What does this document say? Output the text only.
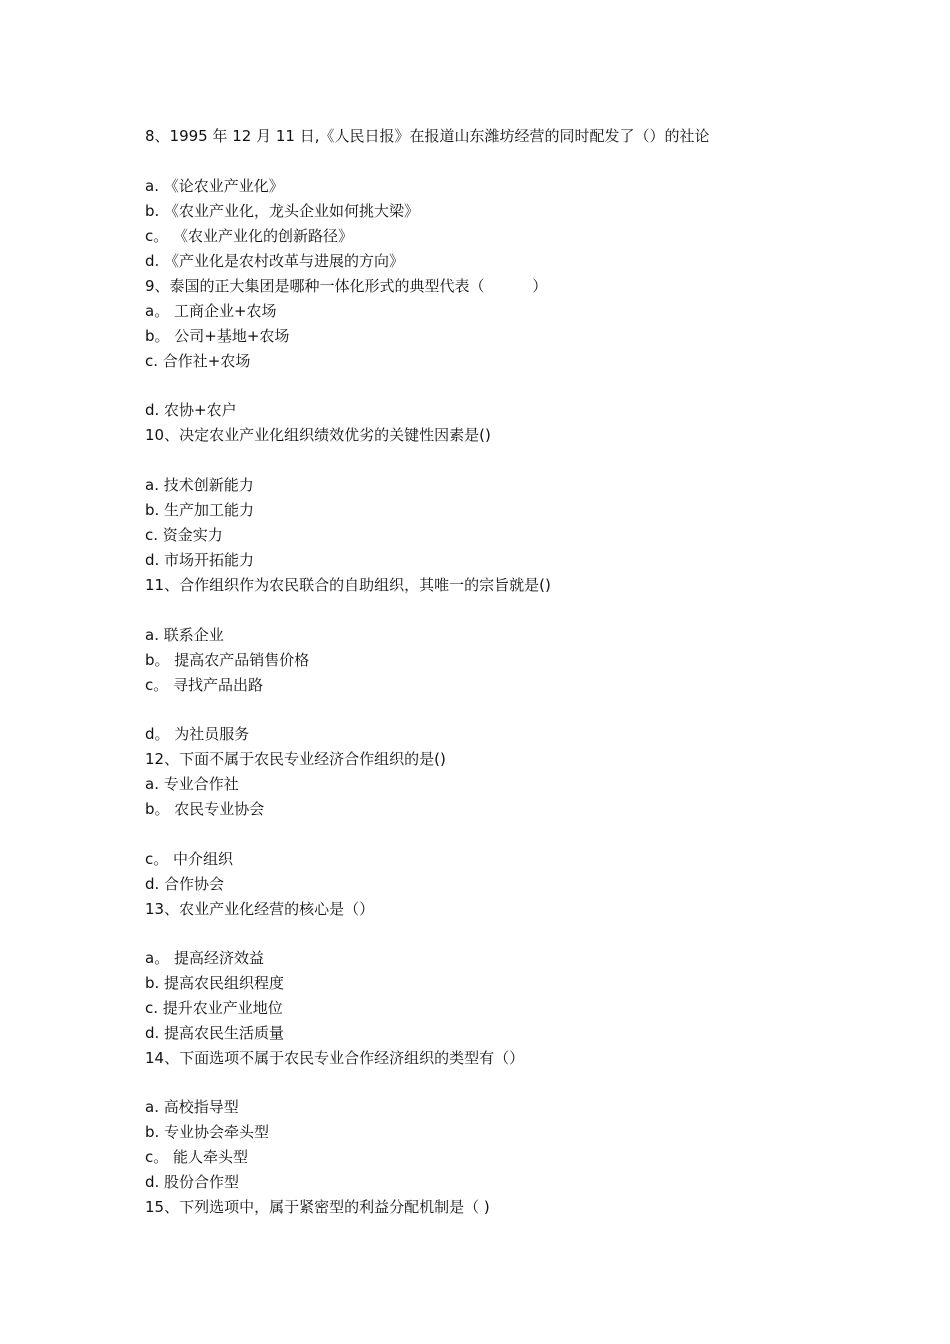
8、1995 年 12 月 11 日,《人民日报》在报道山东潍坊经营的同时配发了（）的社论

a. 《论农业产业化》

b. 《农业产业化，龙头企业如何挑大梁》

c。 《农业产业化的创新路径》

d. 《产业化是农村改革与进展的方向》

9、泰国的正大集团是哪种一体化形式的典型代表（          ）

a。 工商企业+农场

b。 公司+基地+农场

c. 合作社+农场

d. 农协+农户

10、决定农业产业化组织绩效优劣的关键性因素是()

a. 技术创新能力

b. 生产加工能力

c. 资金实力

d. 市场开拓能力

11、合作组织作为农民联合的自助组织，其唯一的宗旨就是()

a. 联系企业

b。 提高农产品销售价格

c。 寻找产品出路

d。 为社员服务

12、下面不属于农民专业经济合作组织的是()

a. 专业合作社

b。 农民专业协会

c。 中介组织

d. 合作协会

13、农业产业化经营的核心是（）

a。 提高经济效益

b. 提高农民组织程度

c. 提升农业产业地位

d. 提高农民生活质量

14、下面选项不属于农民专业合作经济组织的类型有（）

a. 高校指导型

b. 专业协会牵头型

c。 能人牵头型

d. 股份合作型

15、下列选项中，属于紧密型的利益分配机制是（ )
